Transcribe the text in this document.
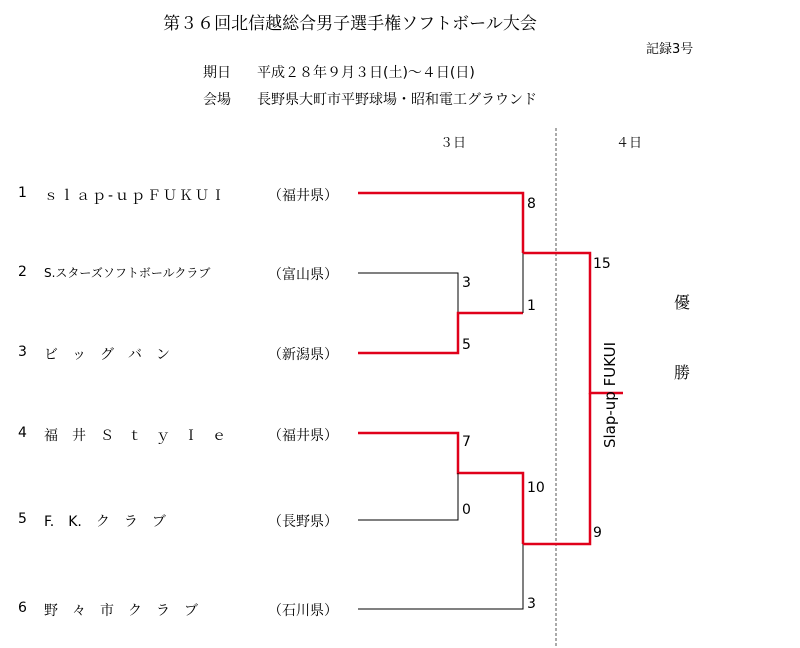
第３６回北信越総合男子選手権ソフトボール大会
記録3号
期日 平成２８年９月３日(土)～４日(日)
会場 長野県大町市平野球場・昭和電工グラウンド
３日	４日
1 ｓｌａｐ-ｕｐＦＵＫＵＩ	（福井県）
2 S.スターズソフトボールクラブ	（富山県）
3 ビ　ッ　グ　バ　ン	（新潟県）
4 福　井　Ｓ　ｔ　ｙ　Ｉ　ｅ	（福井県）
5 F.　K.　ク　ラ　ブ	（長野県）
6 野　々　市　ク　ラ　ブ	（石川県）
3
5
8
1
7
0
10
3
15
9
Slap-up FUKUI
優
勝
